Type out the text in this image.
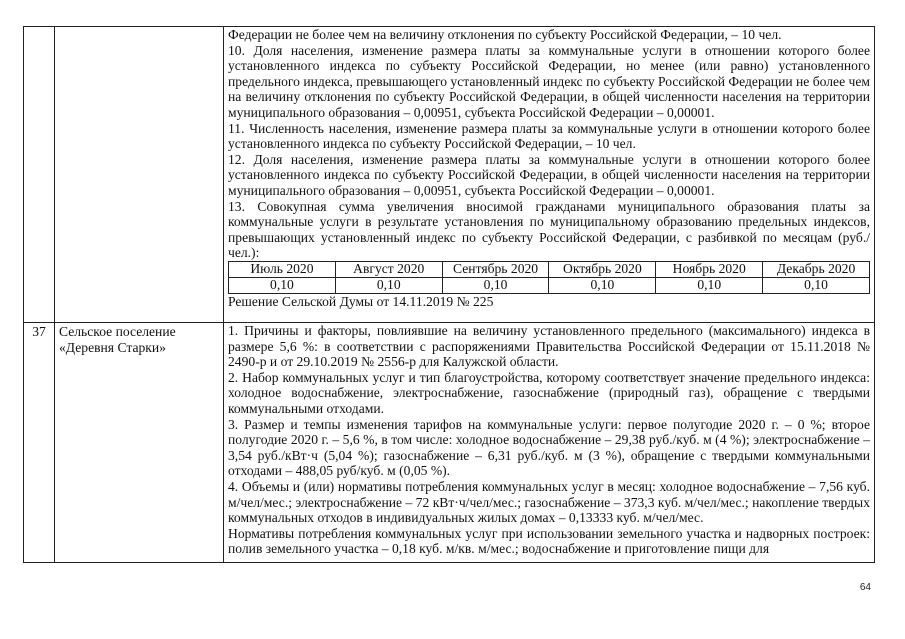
Федерации не более чем на величину отклонения по субъекту Российской Федерации, – 10 чел.

10. Доля населения, изменение размера платы за коммунальные услуги в отношении которого более установленного индекса по субъекту Российской Федерации, но менее (или равно) установленного предельного индекса, превышающего установленный индекс по субъекту Российской Федерации не более чем на величину отклонения по субъекту Российской Федерации, в общей численности населения на территории муниципального образования – 0,00951, субъекта Российской Федерации – 0,00001.

11. Численность населения, изменение размера платы за коммунальные услуги в отношении которого более установленного индекса по субъекту Российской Федерации, – 10 чел.

12. Доля населения, изменение размера платы за коммунальные услуги в отношении которого более установленного индекса по субъекту Российской Федерации, в общей численности населения на территории муниципального образования – 0,00951, субъекта Российской Федерации – 0,00001.

13. Совокупная сумма увеличения вносимой гражданами муниципального образования платы за коммунальные услуги в результате установления по муниципальному образованию предельных индексов, превышающих установленный индекс по субъекту Российской Федерации, с разбивкой по месяцам (руб./чел.):

Июль 2020	Август 2020	Сентябрь 2020	Октябрь 2020	Ноябрь 2020	Декабрь 2020
0,10	0,10	0,10	0,10	0,10	0,10

Решение Сельской Думы от 14.11.2019 № 225

37	Сельское поселение «Деревня Старки»	

1. Причины и факторы, повлиявшие на величину установленного предельного (максимального) индекса в размере 5,6 %: в соответствии с распоряжениями Правительства Российской Федерации от 15.11.2018 № 2490-р и от 29.10.2019 № 2556-р для Калужской области.

2. Набор коммунальных услуг и тип благоустройства, которому соответствует значение предельного индекса: холодное водоснабжение, электроснабжение, газоснабжение (природный газ), обращение с твердыми коммунальными отходами.

3. Размер и темпы изменения тарифов на коммунальные услуги: первое полугодие 2020 г. – 0 %; второе полугодие 2020 г. – 5,6 %, в том числе: холодное водоснабжение – 29,38 руб./куб. м (4 %); электроснабжение – 3,54 руб./кВт·ч (5,04 %); газоснабжение – 6,31 руб./куб. м (3 %), обращение с твердыми коммунальными отходами – 488,05 руб/куб. м (0,05 %).

4. Объемы и (или) нормативы потребления коммунальных услуг в месяц: холодное водоснабжение – 7,56 куб. м/чел/мес.; электроснабжение – 72 кВт·ч/чел/мес.; газоснабжение – 373,3 куб. м/чел/мес.; накопление твердых коммунальных отходов в индивидуальных жилых домах – 0,13333 куб. м/чел/мес.

Нормативы потребления коммунальных услуг при использовании земельного участка и надворных построек: полив земельного участка – 0,18 куб. м/кв. м/мес.; водоснабжение и приготовление пищи для

64
